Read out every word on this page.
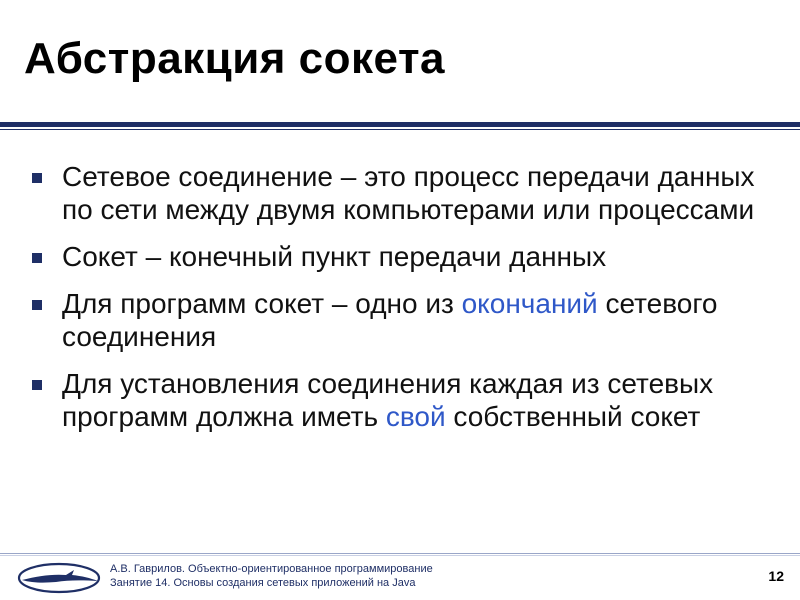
Абстракция сокета
Сетевое соединение – это процесс передачи данных по сети между двумя компьютерами или процессами
Сокет – конечный пункт передачи данных
Для программ сокет – одно из окончаний сетевого соединения
Для установления соединения каждая из сетевых программ должна иметь свой собственный сокет
А.В. Гаврилов. Объектно-ориентированное программирование
Занятие 14. Основы создания сетевых приложений на Java	12
